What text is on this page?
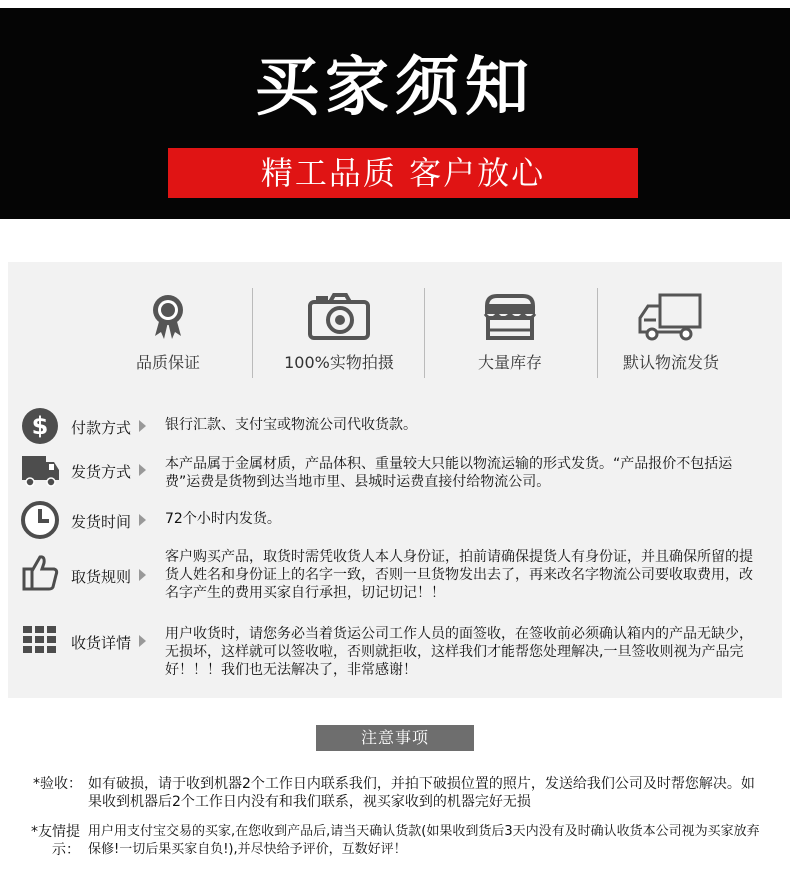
买家须知
精工品质 客户放心
品质保证	100%实物拍摄	大量库存	默认物流发货
$ 付款方式 银行汇款、支付宝或物流公司代收货款。
发货方式 本产品属于金属材质，产品体积、重量较大只能以物流运输的形式发货。“产品报价不包括运费”运费是货物到达当地市里、县城时运费直接付给物流公司。
发货时间 72个小时内发货。
取货规则
客户购买产品，取货时需凭收货人本人身份证，拍前请确保提货人有身份证，并且确保所留的提货人姓名和身份证上的名字一致，否则一旦货物发出去了，再来改名字物流公司要收取费用，改名字产生的费用买家自行承担，切记切记！！
收货详情 用户收货时，请您务必当着货运公司工作人员的面签收，在签收前必须确认箱内的产品无缺少，无损坏，这样就可以签收啦，否则就拒收，这样我们才能帮您处理解决,一旦签收则视为产品完好！！！我们也无法解决了，非常感谢！
注意事项
*验收： 如有破损，请于收到机器2个工作日内联系我们，并拍下破损位置的照片，发送给我们公司及时帮您解决。如果收到机器后2个工作日内没有和我们联系，视买家收到的机器完好无损
*友情提示：
用户用支付宝交易的买家,在您收到产品后,请当天确认货款(如果收到货后3天内没有及时确认收货本公司视为买家放弃保修!一切后果买家自负!),并尽快给予评价，互数好评！
